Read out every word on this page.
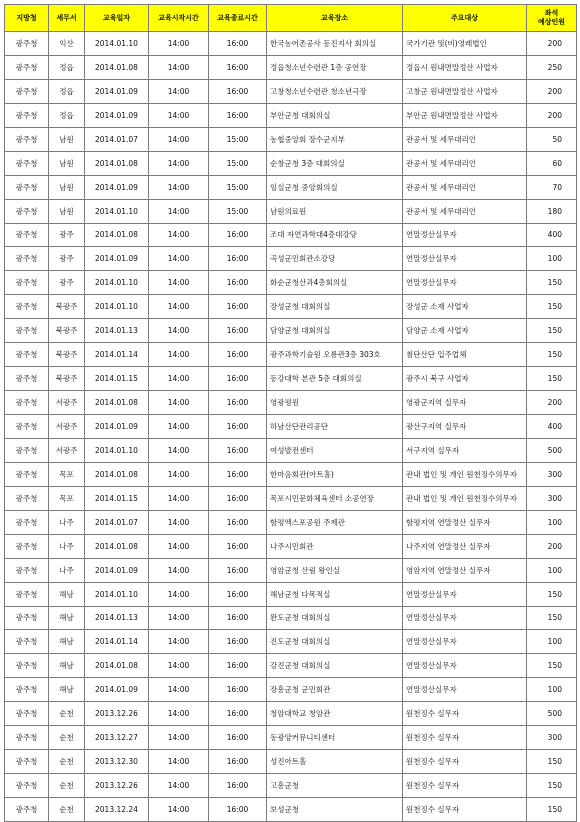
지방청	세무서	교육일자	교육시작시간	교육종료시간	교육장소	주요대상	좌석
예상인원
광주청	익산	2014.01.10	14:00	16:00	한국농어촌공사 동진지사 회의실	국가기관 및(비)영레법인	200
광주청	정읍	2014.01.08	14:00	16:00	정읍청소년수련관 1층 공연장	정읍시 원내면말정산 사업자	250
광주청	정읍	2014.01.09	14:00	16:00	고창청소년수련관 청소년극장	고창군 원내면말정산 사업자	200
광주청	정읍	2014.01.09	14:00	16:00	부안군청 대회의실	부안군 원내면말정산 사업자	200
광주청	남원	2014.01.07	14:00	15:00	농협중앙회 장수군지부	관공서 및 세무대리인	50
광주청	남원	2014.01.08	14:00	15:00	순창군청 3층 대회의실	관공서 및 세무대리인	60
광주청	남원	2014.01.09	14:00	15:00	임실군청 중앙회의실	관공서 및 세무대리인	70
광주청	남원	2014.01.10	14:00	15:00	남원의료원	관공서 및 세무대리인	180
광주청	광주	2014.01.08	14:00	16:00	조대 자연과학대4층대강당	연말정산실무자	400
광주청	광주	2014.01.09	14:00	16:00	곡성군민회관소강당	연말정산실무자	100
광주청	광주	2014.01.10	14:00	16:00	화순군청산과4층회의실	연말정산실무자	150
광주청	북광주	2014.01.10	14:00	16:00	장성군청 대회의실	장성군 소재 사업자	150
광주청	북광주	2014.01.13	14:00	16:00	담양군청 대회의실	담양군 소재 사업자	150
광주청	북광주	2014.01.14	14:00	16:00	광주과학기술원 오룡관3층 303호	첨단산단 입주업체	150
광주청	북광주	2014.01.15	14:00	16:00	동강대학 본관 5층 대회의실	광주시 북구 사업자	150
광주청	서광주	2014.01.08	14:00	16:00	영광평원	영광군지역 실무자	200
광주청	서광주	2014.01.09	14:00	16:00	하남산단관리공단	광산구지역 실무자	400
광주청	서광주	2014.01.10	14:00	16:00	여성발전센터	서구지역 실무자	500
광주청	목포	2014.01.08	14:00	16:00	한마음회관(아트홀)	관내 법인 및 개인 원천징수의무자	300
광주청	목포	2014.01.15	14:00	16:00	목포시민문화체육센터 소공연장	관내 법인 및 개인 원천징수의무자	300
광주청	나주	2014.01.07	14:00	16:00	함평엑스포공원 주제관	함평지역 연말정산 실무자	100
광주청	나주	2014.01.08	14:00	16:00	나주시민회관	나주지역 연말정산 실무자	200
광주청	나주	2014.01.09	14:00	16:00	영암군청 산림 왕인실	영암지역 연말정산 실무자	100
광주청	해남	2014.01.10	14:00	16:00	해남군청 다목적실	연말정산실무자	150
광주청	해남	2014.01.13	14:00	16:00	완도군청 대회의실	연말정산실무자	150
광주청	해남	2014.01.14	14:00	16:00	진도군청 대회의실	연말정산실무자	100
광주청	해남	2014.01.08	14:00	16:00	강진군청 대회의실	연말정산실무자	150
광주청	해남	2014.01.09	14:00	16:00	장흥군청 군민회관	연말정산실무자	100
광주청	순천	2013.12.26	14:00	16:00	청암대학교 청암관	원천징수 실무자	500
광주청	순천	2013.12.27	14:00	16:00	동광양커뮤니티센터	원천징수 실무자	300
광주청	순천	2013.12.30	14:00	16:00	성진아트홀	원천징수 실무자	150
광주청	순천	2013.12.26	14:00	16:00	고흥군청	원천징수 실무자	150
광주청	순천	2013.12.24	14:00	16:00	보성군청	원천징수 실무자	150
